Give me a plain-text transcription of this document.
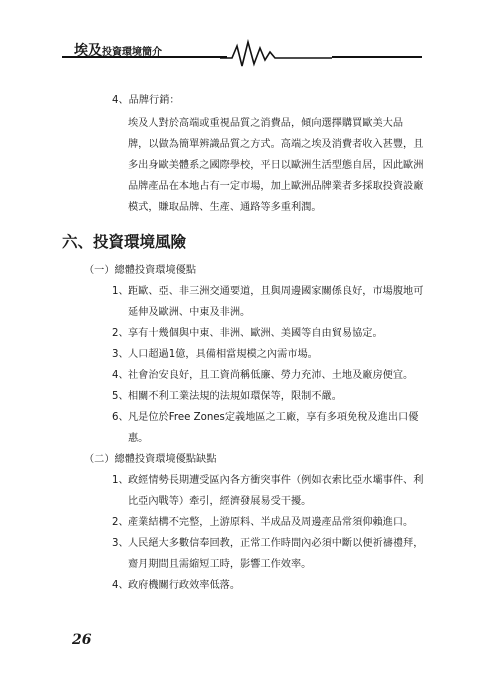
埃及投資環境簡介
4、品牌行銷：
埃及人對於高端或重視品質之消費品，傾向選擇購買歐美大品
牌，以做為簡單辨識品質之方式。高端之埃及消費者收入甚豐，且
多出身歐美體系之國際學校，平日以歐洲生活型態自居，因此歐洲
品牌產品在本地占有一定市場，加上歐洲品牌業者多採取投資設廠
模式，賺取品牌、生產、通路等多重利潤。
六、投資環境風險
（一）總體投資環境優點
1、 距歐、亞、非三洲交通要道，且與周邊國家關係良好，市場腹地可
延伸及歐洲、中東及非洲。
2、 享有十幾個與中東、非洲、歐洲、美國等自由貿易協定。
3、 人口超過1億，具備相當規模之內需市場。
4、 社會治安良好，且工資尚稱低廉、勞力充沛、土地及廠房便宜。
5、 相關不利工業法規的法規如環保等，限制不嚴。
6、 凡是位於Free Zones定義地區之工廠，享有多項免稅及進出口優
惠。
（二）總體投資環境優點缺點
1、 政經情勢長期遭受區內各方衝突事件（例如衣索比亞水壩事件、利
比亞內戰等）牽引，經濟發展易受干擾。
2、 產業結構不完整，上游原料、半成品及周邊產品常須仰賴進口。
3、 人民絕大多數信奉回教，正常工作時間內必須中斷以便祈禱禮拜，
齋月期間且需縮短工時，影響工作效率。
4、 政府機關行政效率低落。
26
